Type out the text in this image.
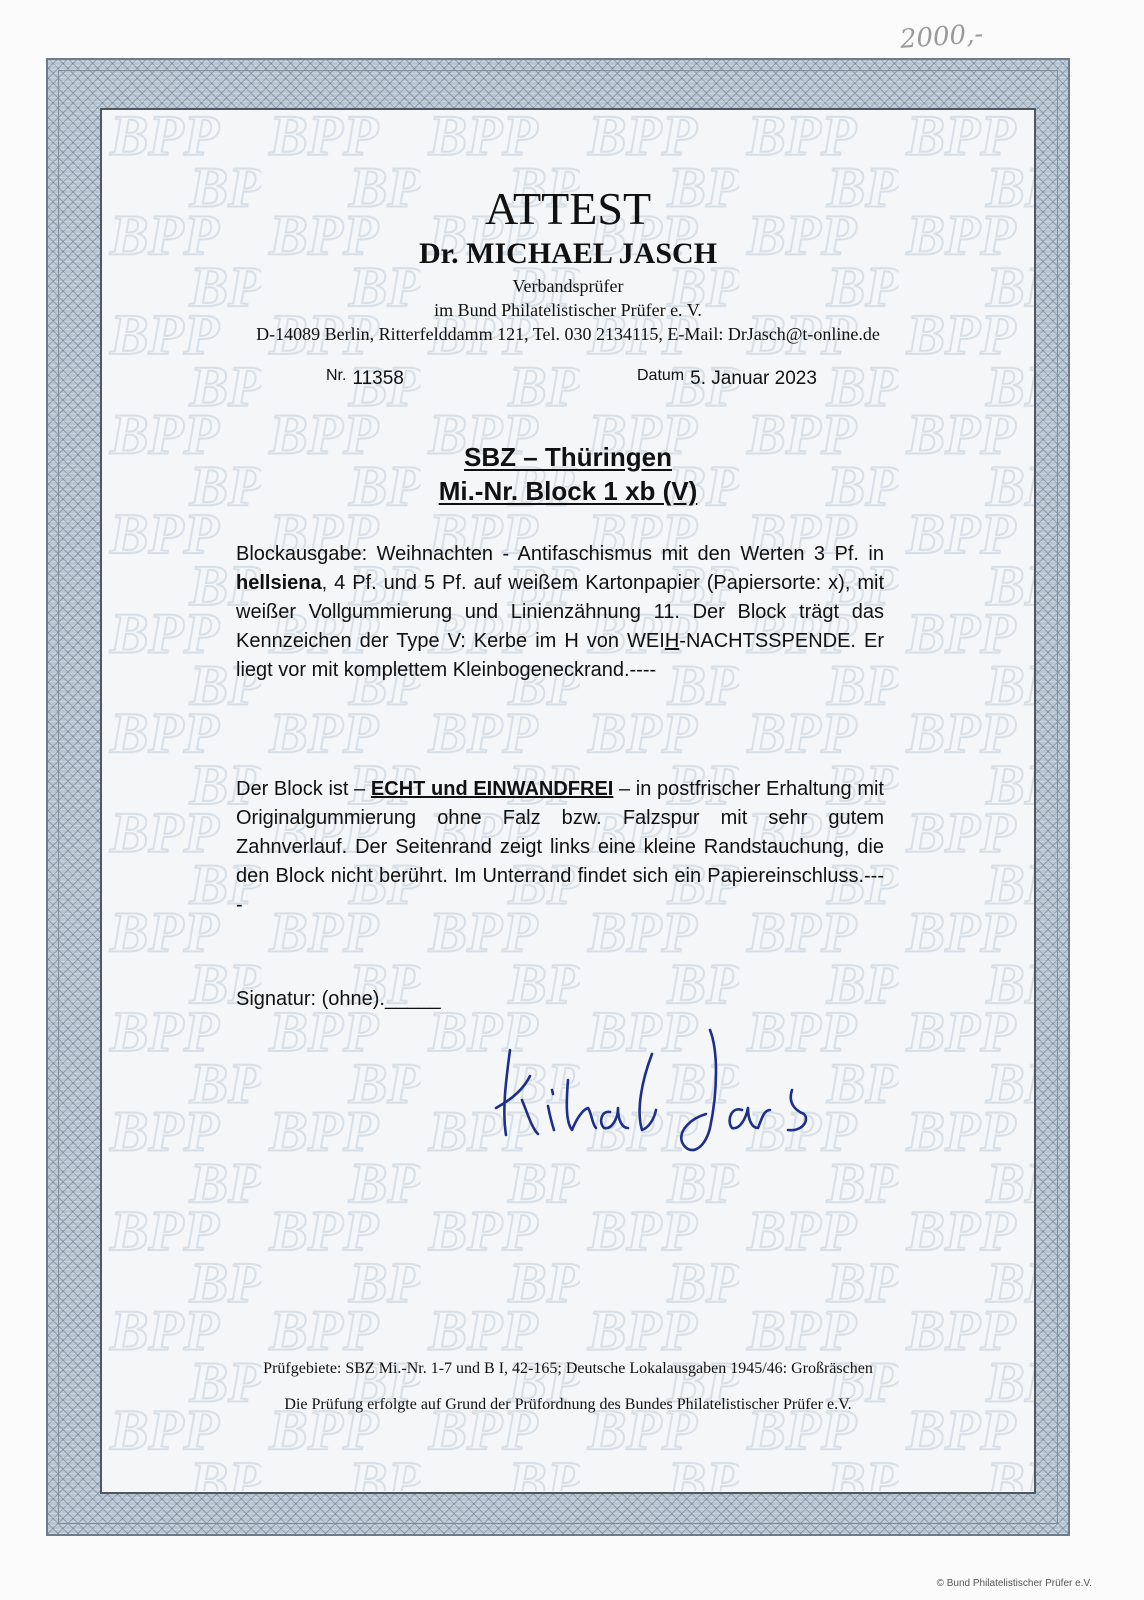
2000,-
ATTEST
Dr. MICHAEL JASCH
Verbandsprüfer
im Bund Philatelistischer Prüfer e. V.
D-14089 Berlin, Ritterfelddamm 121, Tel. 030 2134115, E-Mail: DrJasch@t-online.de
$^{Nr.}$ 11358	$^{Datum}$ 5. Januar 2023
SBZ – Thüringen
Mi.-Nr. Block 1 xb (V)
Blockausgabe: Weihnachten - Antifaschismus mit den Werten 3 Pf. in hellsiena, 4 Pf. und 5 Pf. auf weißem Kartonpapier (Papiersorte: x), mit weißer Vollgummierung und Linienzähnung 11. Der Block trägt das Kennzeichen der Type V: Kerbe im H von WEIH-NACHTSSPENDE. Er liegt vor mit komplettem Kleinbogeneckrand.----
Der Block ist – ECHT und EINWANDFREI – in postfrischer Erhaltung mit Originalgummierung ohne Falz bzw. Falzspur mit sehr gutem Zahnverlauf. Der Seitenrand zeigt links eine kleine Randstauchung, die den Block nicht berührt. Im Unterrand findet sich ein Papiereinschluss.----
Signatur: (ohne)._____
Prüfgebiete: SBZ Mi.-Nr. 1-7 und B I, 42-165; Deutsche Lokalausgaben 1945/46: Großräschen
Die Prüfung erfolgte auf Grund der Prüfordnung des Bundes Philatelistischer Prüfer e.V.
© Bund Philatelistischer Prüfer e.V.
